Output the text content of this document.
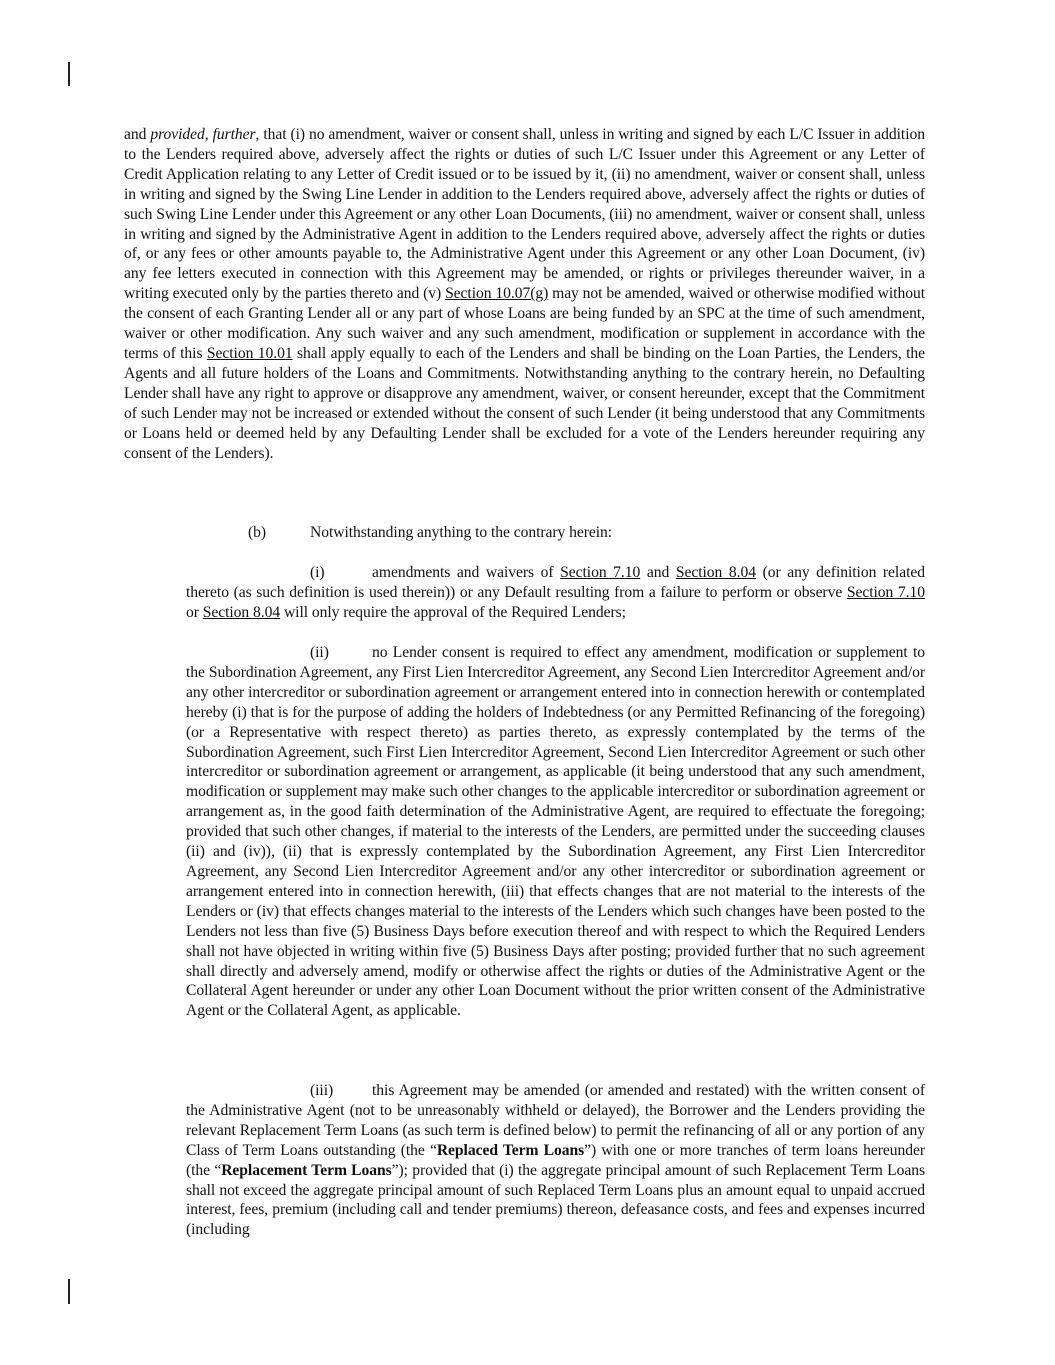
and provided, further, that (i) no amendment, waiver or consent shall, unless in writing and signed by each L/C Issuer in addition to the Lenders required above, adversely affect the rights or duties of such L/C Issuer under this Agreement or any Letter of Credit Application relating to any Letter of Credit issued or to be issued by it, (ii) no amendment, waiver or consent shall, unless in writing and signed by the Swing Line Lender in addition to the Lenders required above, adversely affect the rights or duties of such Swing Line Lender under this Agreement or any other Loan Documents, (iii) no amendment, waiver or consent shall, unless in writing and signed by the Administrative Agent in addition to the Lenders required above, adversely affect the rights or duties of, or any fees or other amounts payable to, the Administrative Agent under this Agreement or any other Loan Document, (iv) any fee letters executed in connection with this Agreement may be amended, or rights or privileges thereunder waiver, in a writing executed only by the parties thereto and (v) Section 10.07(g) may not be amended, waived or otherwise modified without the consent of each Granting Lender all or any part of whose Loans are being funded by an SPC at the time of such amendment, waiver or other modification. Any such waiver and any such amendment, modification or supplement in accordance with the terms of this Section 10.01 shall apply equally to each of the Lenders and shall be binding on the Loan Parties, the Lenders, the Agents and all future holders of the Loans and Commitments. Notwithstanding anything to the contrary herein, no Defaulting Lender shall have any right to approve or disapprove any amendment, waiver, or consent hereunder, except that the Commitment of such Lender may not be increased or extended without the consent of such Lender (it being understood that any Commitments or Loans held or deemed held by any Defaulting Lender shall be excluded for a vote of the Lenders hereunder requiring any consent of the Lenders).

(b)	Notwithstanding anything to the contrary herein:

(i)	amendments and waivers of Section 7.10 and Section 8.04 (or any definition related thereto (as such definition is used therein)) or any Default resulting from a failure to perform or observe Section 7.10 or Section 8.04 will only require the approval of the Required Lenders;

(ii)	no Lender consent is required to effect any amendment, modification or supplement to the Subordination Agreement, any First Lien Intercreditor Agreement, any Second Lien Intercreditor Agreement and/or any other intercreditor or subordination agreement or arrangement entered into in connection herewith or contemplated hereby (i) that is for the purpose of adding the holders of Indebtedness (or any Permitted Refinancing of the foregoing) (or a Representative with respect thereto) as parties thereto, as expressly contemplated by the terms of the Subordination Agreement, such First Lien Intercreditor Agreement, Second Lien Intercreditor Agreement or such other intercreditor or subordination agreement or arrangement, as applicable (it being understood that any such amendment, modification or supplement may make such other changes to the applicable intercreditor or subordination agreement or arrangement as, in the good faith determination of the Administrative Agent, are required to effectuate the foregoing; provided that such other changes, if material to the interests of the Lenders, are permitted under the succeeding clauses (ii) and (iv)), (ii) that is expressly contemplated by the Subordination Agreement, any First Lien Intercreditor Agreement, any Second Lien Intercreditor Agreement and/or any other intercreditor or subordination agreement or arrangement entered into in connection herewith, (iii) that effects changes that are not material to the interests of the Lenders or (iv) that effects changes material to the interests of the Lenders which such changes have been posted to the Lenders not less than five (5) Business Days before execution thereof and with respect to which the Required Lenders shall not have objected in writing within five (5) Business Days after posting; provided further that no such agreement shall directly and adversely amend, modify or otherwise affect the rights or duties of the Administrative Agent or the Collateral Agent hereunder or under any other Loan Document without the prior written consent of the Administrative Agent or the Collateral Agent, as applicable.

(iii) this Agreement may be amended (or amended and restated) with the written consent of the Administrative Agent (not to be unreasonably withheld or delayed), the Borrower and the Lenders providing the relevant Replacement Term Loans (as such term is defined below) to permit the refinancing of all or any portion of any Class of Term Loans outstanding (the “Replaced Term Loans”) with one or more tranches of term loans hereunder (the “Replacement Term Loans”); provided that (i) the aggregate principal amount of such Replacement Term Loans shall not exceed the aggregate principal amount of such Replaced Term Loans plus an amount equal to unpaid accrued interest, fees, premium (including call and tender premiums) thereon, defeasance costs, and fees and expenses incurred (including
